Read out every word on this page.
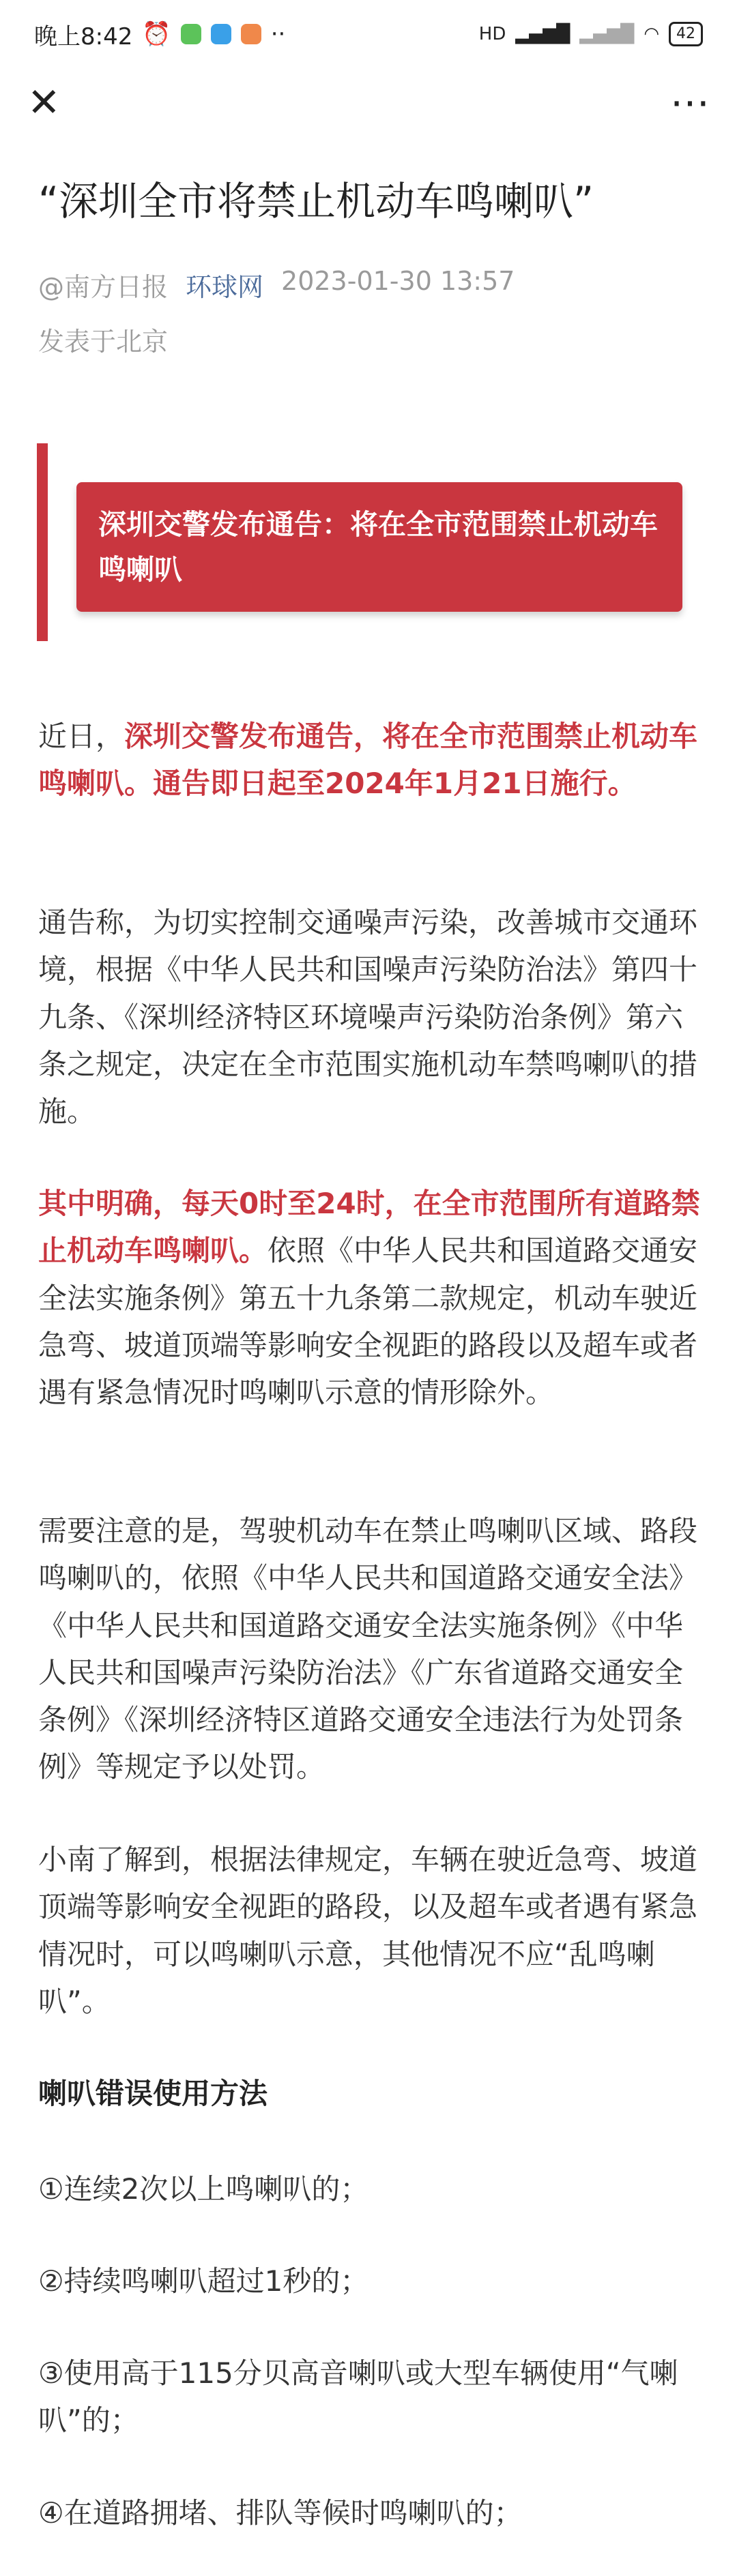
晚上8:42 ⏰	··	HD ▂▄▆█ ▂▄▆█ ◠	42
✕	⋯
“深圳全市将禁止机动车鸣喇叭”
@南方日报 环球网 2023-01-30 13:57
发表于北京
深圳交警发布通告：将在全市范围禁止机动车鸣喇叭

近日，深圳交警发布通告，将在全市范围禁止机动车鸣喇叭。通告即日起至2024年1月21日施行。

通告称，为切实控制交通噪声污染，改善城市交通环境，根据《中华人民共和国噪声污染防治法》第四十九条、《深圳经济特区环境噪声污染防治条例》第六条之规定，决定在全市范围实施机动车禁鸣喇叭的措施。

其中明确，每天0时至24时，在全市范围所有道路禁止机动车鸣喇叭。依照《中华人民共和国道路交通安全法实施条例》第五十九条第二款规定，机动车驶近急弯、坡道顶端等影响安全视距的路段以及超车或者遇有紧急情况时鸣喇叭示意的情形除外。

需要注意的是，驾驶机动车在禁止鸣喇叭区域、路段鸣喇叭的，依照《中华人民共和国道路交通安全法》《中华人民共和国道路交通安全法实施条例》《中华人民共和国噪声污染防治法》《广东省道路交通安全条例》《深圳经济特区道路交通安全违法行为处罚条例》等规定予以处罚。

小南了解到，根据法律规定，车辆在驶近急弯、坡道顶端等影响安全视距的路段，以及超车或者遇有紧急情况时，可以鸣喇叭示意，其他情况不应“乱鸣喇叭”。

喇叭错误使用方法

①连续2次以上鸣喇叭的；

②持续鸣喇叭超过1秒的；

③使用高于115分贝高音喇叭或大型车辆使用“气喇叭”的；

④在道路拥堵、排队等候时鸣喇叭的；
